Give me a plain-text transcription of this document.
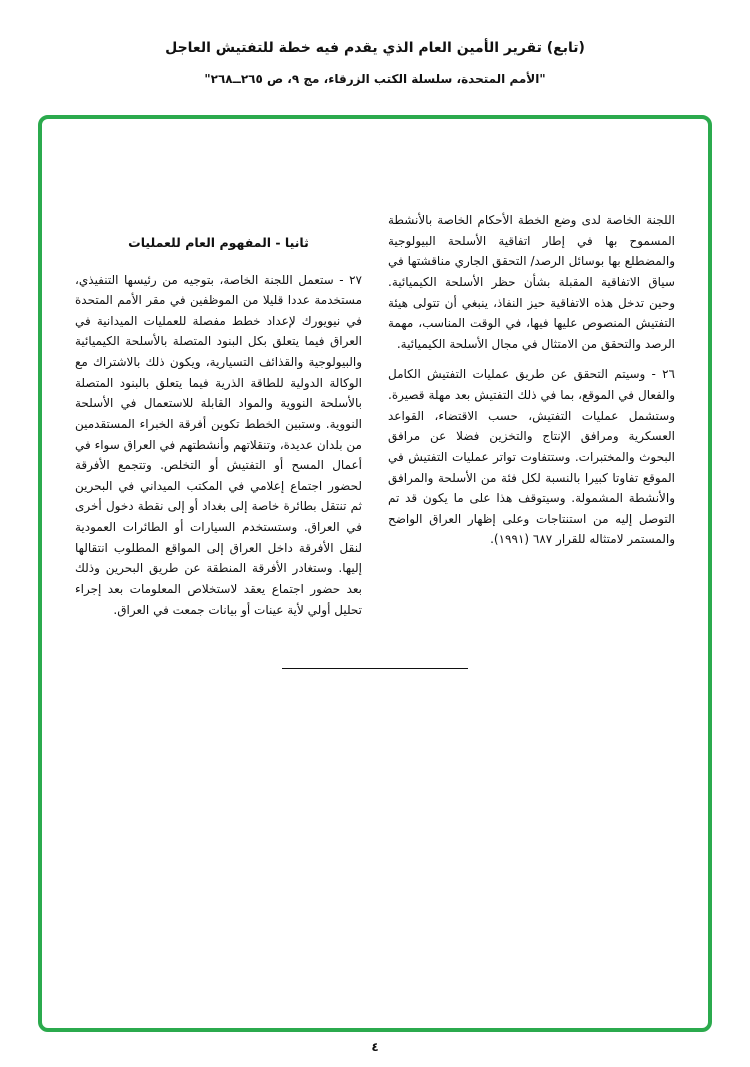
(تابع) تقرير الأمين العام الذي يقدم فيه خطة للتفتيش العاجل
"الأمم المتحدة، سلسلة الكتب الزرقاء، مج ٩، ص ٢٦٥ــ٢٦٨"

اللجنة الخاصة لدى وضع الخطة الأحكام الخاصة بالأنشطة المسموح بها في إطار اتفاقية الأسلحة البيولوجية والمضطلع بها بوسائل الرصد/ التحقق الجاري مناقشتها في سياق الاتفاقية المقبلة بشأن حظر الأسلحة الكيميائية. وحين تدخل هذه الاتفاقية حيز النفاذ، ينبغي أن تتولى هيئة التفتيش المنصوص عليها فيها، في الوقت المناسب، مهمة الرصد والتحقق من الامتثال في مجال الأسلحة الكيميائية.

٢٦ - وسيتم التحقق عن طريق عمليات التفتيش الكامل والفعال في الموقع، بما في ذلك التفتيش بعد مهلة قصيرة. وستشمل عمليات التفتيش، حسب الاقتضاء، القواعد العسكرية ومرافق الإنتاج والتخزين فضلا عن مرافق البحوث والمختبرات. وستتفاوت تواتر عمليات التفتيش في الموقع تفاوتا كبيرا بالنسبة لكل فئة من الأسلحة والمرافق والأنشطة المشمولة. وسيتوقف هذا على ما يكون قد تم التوصل إليه من استنتاجات وعلى إظهار العراق الواضح والمستمر لامتثاله للقرار ٦٨٧ (١٩٩١).

ثانيا - المفهوم العام للعمليات

٢٧ - ستعمل اللجنة الخاصة، بتوجيه من رئيسها التنفيذي، مستخدمة عددا قليلا من الموظفين في مقر الأمم المتحدة في نيويورك لإعداد خطط مفصلة للعمليات الميدانية في العراق فيما يتعلق بكل البنود المتصلة بالأسلحة الكيميائية والبيولوجية والقذائف التسيارية، ويكون ذلك بالاشتراك مع الوكالة الدولية للطاقة الذرية فيما يتعلق بالبنود المتصلة بالأسلحة النووية والمواد القابلة للاستعمال في الأسلحة النووية. وستبين الخطط تكوين أفرقة الخبراء المستقدمين من بلدان عديدة، وتنقلاتهم وأنشطتهم في العراق سواء في أعمال المسح أو التفتيش أو التخلص. وتتجمع الأفرقة لحضور اجتماع إعلامي في المكتب الميداني في البحرين ثم تنتقل بطائرة خاصة إلى بغداد أو إلى نقطة دخول أخرى في العراق. وستستخدم السيارات أو الطائرات العمودية لنقل الأفرقة داخل العراق إلى المواقع المطلوب انتقالها إليها. وستغادر الأفرقة المنطقة عن طريق البحرين وذلك بعد حضور اجتماع يعقد لاستخلاص المعلومات بعد إجراء تحليل أولي لأية عينات أو بيانات جمعت في العراق.

٤
